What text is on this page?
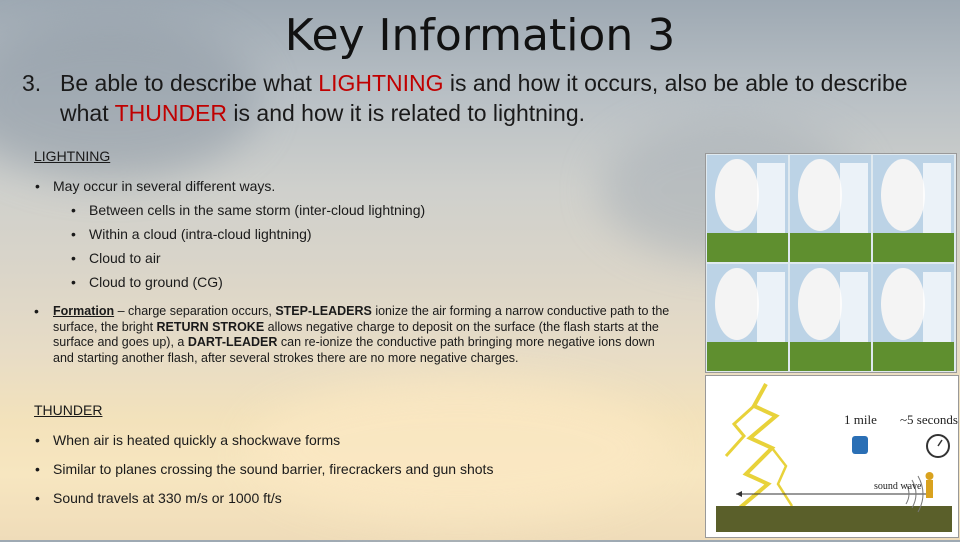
Key Information 3
3. Be able to describe what LIGHTNING is and how it occurs, also be able to describe what THUNDER is and how it is related to lightning.
LIGHTNING
• May occur in several different ways.
• Between cells in the same storm (inter-cloud lightning)
• Within a cloud (intra-cloud lightning)
• Cloud to air
• Cloud to ground (CG)
• Formation – charge separation occurs, STEP-LEADERS ionize the air forming a narrow conductive path to the surface, the bright RETURN STROKE allows negative charge to deposit on the surface (the flash starts at the surface and goes up), a DART-LEADER can re-ionize the conductive path bringing more negative ions down and starting another flash, after several strokes there are no more negative charges.
THUNDER
• When air is heated quickly a shockwave forms
• Similar to planes crossing the sound barrier, firecrackers and gun shots
• Sound travels at 330 m/s or 1000 ft/s
1 mile ~5 seconds
sound wave
